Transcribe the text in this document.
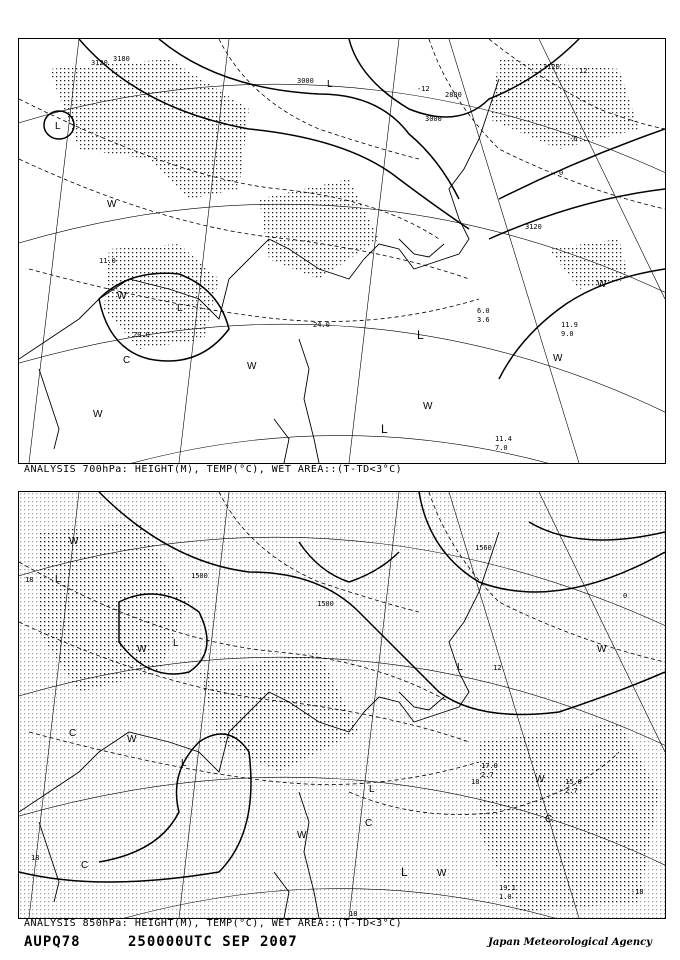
3120 3180
3000
2880
3000
3120
3120
-12
12
-6
0
L
L
L
L
L
W
W
W
W
W
W
W
C
11.4
7.0
11.9
9.0
6.0
3.6
11.0
20.0
24.0
ANALYSIS 700hPa: HEIGHT(M), TEMP(°C), WET AREA::(T-TD<3°C)
1500
1500
1560
18
12
0
18
-18
18
18
L
L
L
L
L
L
W
W
W
W
W
W
W
C
C
C
C
15.0
2.7
19.1
1.0
17.0
2.7
ANALYSIS 850hPa: HEIGHT(M), TEMP(°C), WET AREA::(T-TD<3°C)
AUPQ78	250000UTC SEP 2007	Japan Meteorological Agency
